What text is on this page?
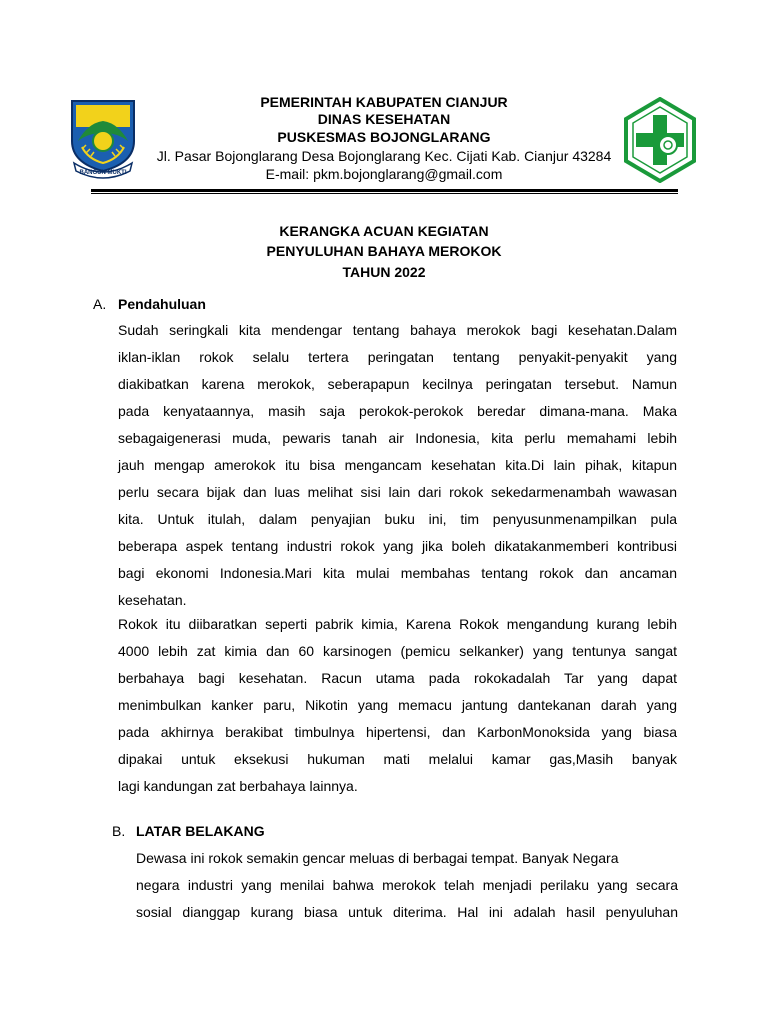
BANGUN MUKTI
PEMERINTAH KABUPATEN CIANJUR
DINAS KESEHATAN
PUSKESMAS BOJONGLARANG
Jl. Pasar Bojonglarang Desa Bojonglarang Kec. Cijati Kab. Cianjur 43284
E-mail: pkm.bojonglarang@gmail.com
KERANGKA ACUAN KEGIATAN
PENYULUHAN BAHAYA MEROKOK
TAHUN 2022
A. Pendahuluan
Sudah seringkali kita mendengar tentang bahaya merokok bagi kesehatan.Dalam
iklan-iklan rokok selalu tertera peringatan tentang penyakit-penyakit yang
diakibatkan karena merokok, seberapapun kecilnya peringatan tersebut. Namun
pada kenyataannya, masih saja perokok-perokok beredar dimana-mana. Maka
sebagaigenerasi muda, pewaris tanah air Indonesia, kita perlu memahami lebih
jauh mengap amerokok itu bisa mengancam kesehatan kita.Di lain pihak, kitapun
perlu secara bijak dan luas melihat sisi lain dari rokok sekedarmenambah wawasan
kita. Untuk itulah, dalam penyajian buku ini, tim penyusunmenampilkan pula
beberapa aspek tentang industri rokok yang jika boleh dikatakanmemberi kontribusi
bagi ekonomi Indonesia.Mari kita mulai membahas tentang rokok dan ancaman
kesehatan.
Rokok itu diibaratkan seperti pabrik kimia, Karena Rokok mengandung kurang lebih
4000 lebih zat kimia dan 60 karsinogen (pemicu selkanker) yang tentunya sangat
berbahaya bagi kesehatan. Racun utama pada rokokadalah Tar yang dapat
menimbulkan kanker paru, Nikotin yang memacu jantung dantekanan darah yang
pada akhirnya berakibat timbulnya hipertensi, dan KarbonMonoksida yang biasa
dipakai untuk eksekusi hukuman mati melalui kamar gas,Masih banyak
lagi kandungan zat berbahaya lainnya.
B. LATAR BELAKANG
Dewasa ini rokok semakin gencar meluas di berbagai tempat. Banyak Negara
negara industri yang menilai bahwa merokok telah menjadi perilaku yang secara
sosial dianggap kurang biasa untuk diterima. Hal ini adalah hasil penyuluhan
